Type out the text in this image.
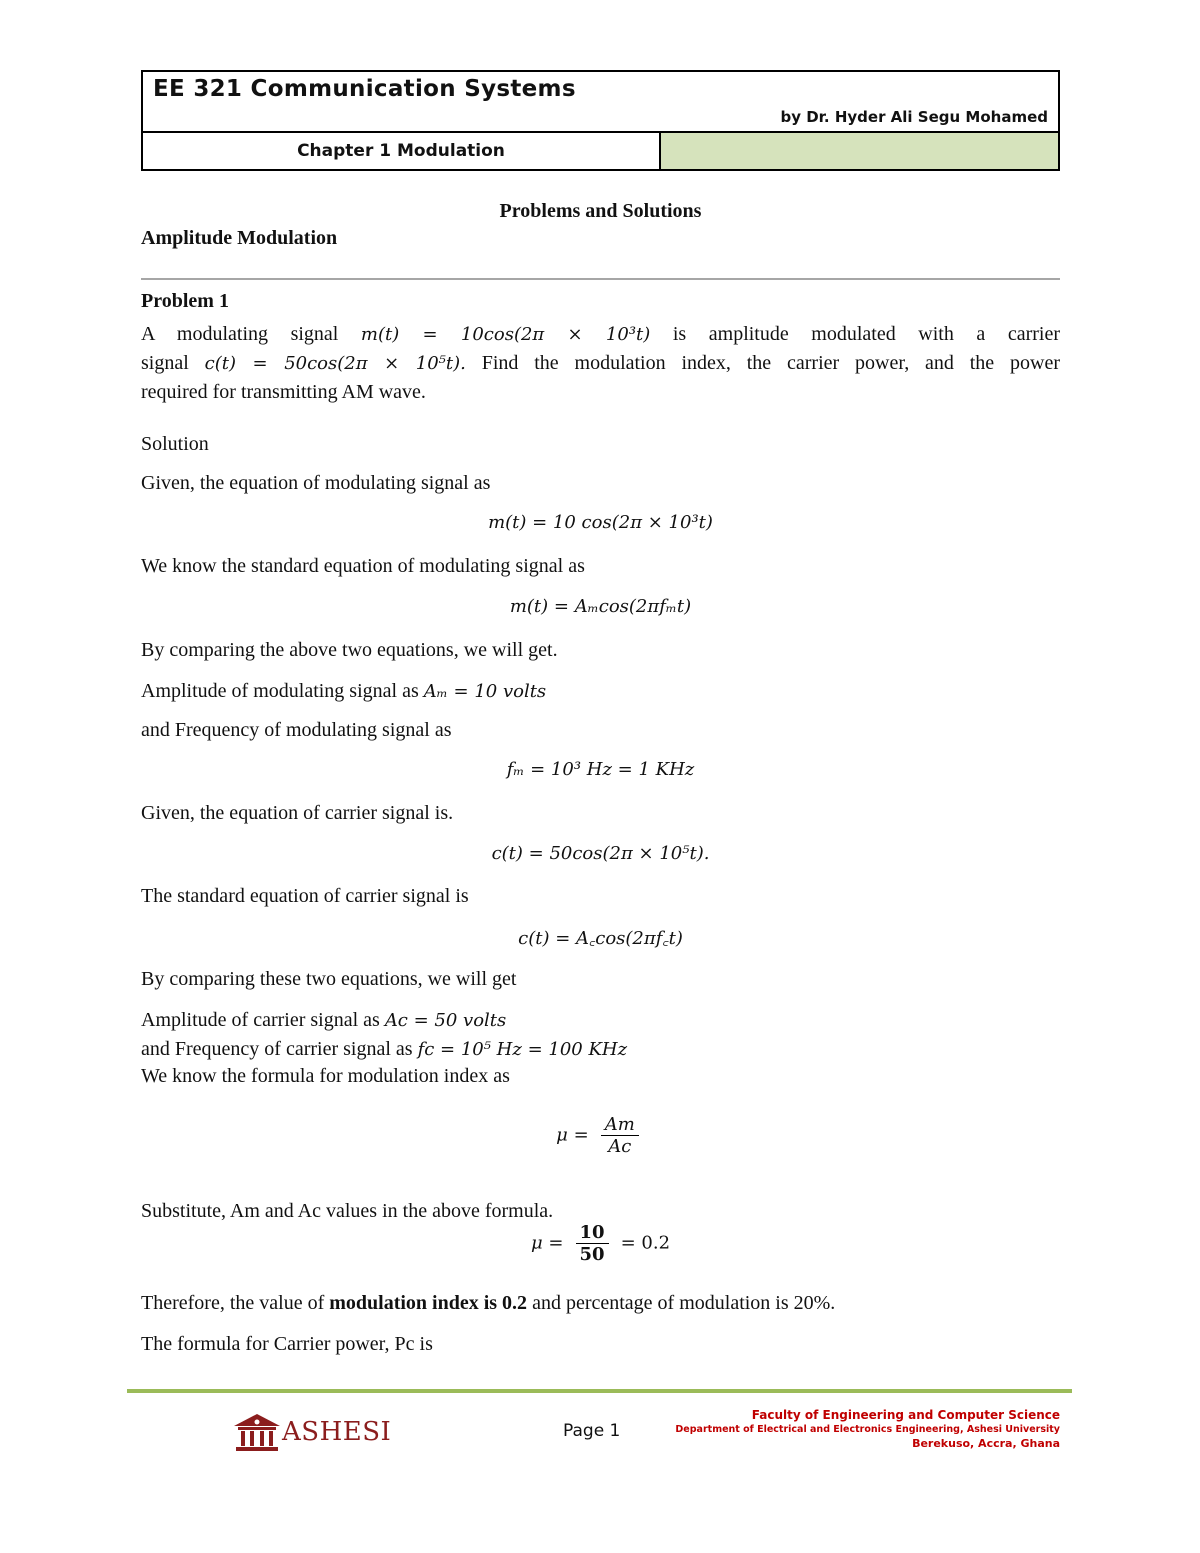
EE 321 Communication Systems
by Dr. Hyder Ali Segu Mohamed
Chapter 1 Modulation
Problems and Solutions
Amplitude Modulation
Problem 1
A modulating signal m(t) = 10cos(2π × 10³t) is amplitude modulated with a carrier
signal c(t) = 50cos(2π × 10⁵t). Find the modulation index, the carrier power, and the power
required for transmitting AM wave.
Solution
Given, the equation of modulating signal as
m(t) = 10 cos(2π × 10³t)
We know the standard equation of modulating signal as
m(t) = Aₘcos(2πfₘt)
By comparing the above two equations, we will get.
Amplitude of modulating signal as Aₘ = 10 volts
and Frequency of modulating signal as
fₘ = 10³ Hz = 1 KHz
Given, the equation of carrier signal is.
c(t) = 50cos(2π × 10⁵t).
The standard equation of carrier signal is
c(t) = A꜀cos(2πf꜀t)
By comparing these two equations, we will get
Amplitude of carrier signal as Ac = 50 volts
and Frequency of carrier signal as fc = 10⁵ Hz = 100 KHz
We know the formula for modulation index as
$\mu = \frac{Am}{Ac}$
Substitute, Am and Ac values in the above formula.
$\mu = \frac{10}{50} = 0.2$
Therefore, the value of modulation index is 0.2 and percentage of modulation is 20%.
The formula for Carrier power, Pc is
ASHESI	Page 1
Faculty of Engineering and Computer Science
Department of Electrical and Electronics Engineering, Ashesi University
Berekuso, Accra, Ghana
